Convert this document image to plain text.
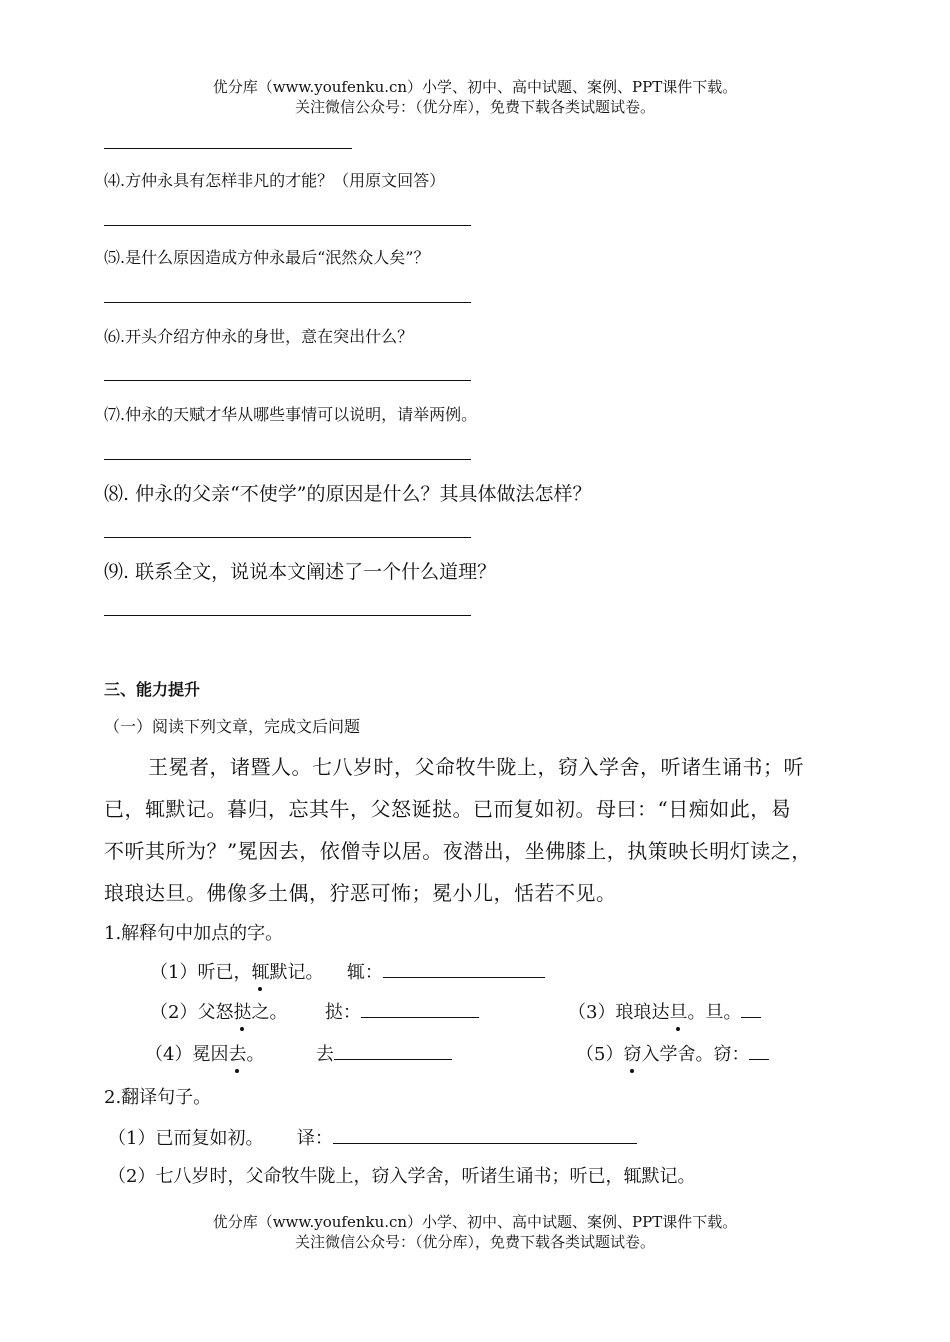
优分库（www.youfenku.cn）小学、初中、高中试题、案例、PPT课件下载。
关注微信公众号：（优分库），免费下载各类试题试卷。
⑷.方仲永具有怎样非凡的才能？（用原文回答）
⑸.是什么原因造成方仲永最后“泯然众人矣”？
⑹.开头介绍方仲永的身世，意在突出什么？
⑺.仲永的天赋才华从哪些事情可以说明，请举两例。
⑻. 仲永的父亲“不使学”的原因是什么？其具体做法怎样？
⑼. 联系全文，说说本文阐述了一个什么道理？
三、能力提升
（一）阅读下列文章，完成文后问题
王冕者，诸暨人。七八岁时，父命牧牛陇上，窃入学舍，听诸生诵书；听
已，辄默记。暮归，忘其牛，父怒诞挞。已而复如初。母曰：“日痴如此，曷
不听其所为？”冕因去，依僧寺以居。夜潜出，坐佛膝上，执策映长明灯读之，
琅琅达旦。佛像多土偶，狞恶可怖；冕小儿，恬若不见。
1.解释句中加点的字。
（1）听已，辄默记。 辄：
（2）父怒挞之。 挞：	（3）琅琅达旦。旦。
（4）冕因去。	去	（5）窃入学舍。窃：
2.翻译句子。
（1）已而复如初。 译：
（2）七八岁时，父命牧牛陇上，窃入学舍，听诸生诵书；听已，辄默记。
优分库（www.youfenku.cn）小学、初中、高中试题、案例、PPT课件下载。
关注微信公众号：（优分库），免费下载各类试题试卷。
